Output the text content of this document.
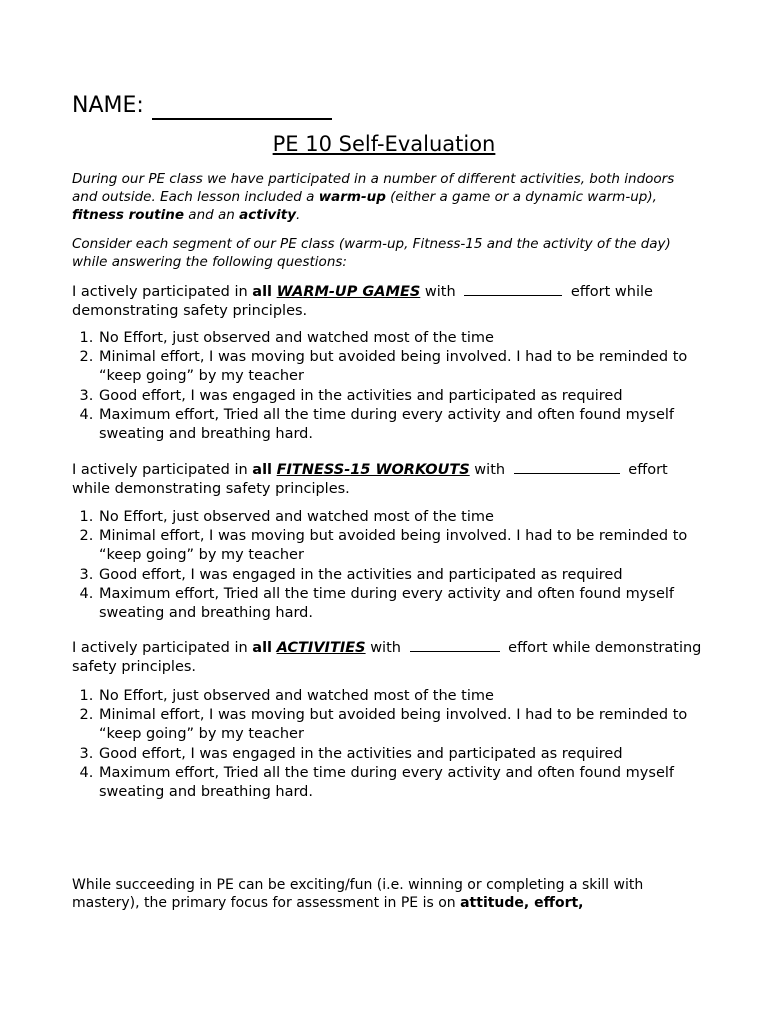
NAME:
PE 10 Self-Evaluation
During our PE class we have participated in a number of different activities, both indoors and outside. Each lesson included a warm-up (either a game or a dynamic warm-up), fitness routine and an activity.
Consider each segment of our PE class (warm-up, Fitness-15 and the activity of the day) while answering the following questions:
I actively participated in all WARM-UP GAMES with	effort while demonstrating safety principles.
1. No Effort, just observed and watched most of the time
2. Minimal effort, I was moving but avoided being involved. I had to be reminded to “keep going” by my teacher
3. Good effort, I was engaged in the activities and participated as required
4. Maximum effort, Tried all the time during every activity and often found myself sweating and breathing hard.
I actively participated in all FITNESS-15 WORKOUTS with	effort while demonstrating safety principles.
1. No Effort, just observed and watched most of the time
2. Minimal effort, I was moving but avoided being involved. I had to be reminded to “keep going” by my teacher
3. Good effort, I was engaged in the activities and participated as required
4. Maximum effort, Tried all the time during every activity and often found myself sweating and breathing hard.
I actively participated in all ACTIVITIES with	effort while demonstrating safety principles.
1. No Effort, just observed and watched most of the time
2. Minimal effort, I was moving but avoided being involved. I had to be reminded to “keep going” by my teacher
3. Good effort, I was engaged in the activities and participated as required
4. Maximum effort, Tried all the time during every activity and often found myself sweating and breathing hard.
While succeeding in PE can be exciting/fun (i.e. winning or completing a skill with mastery), the primary focus for assessment in PE is on attitude, effort,
